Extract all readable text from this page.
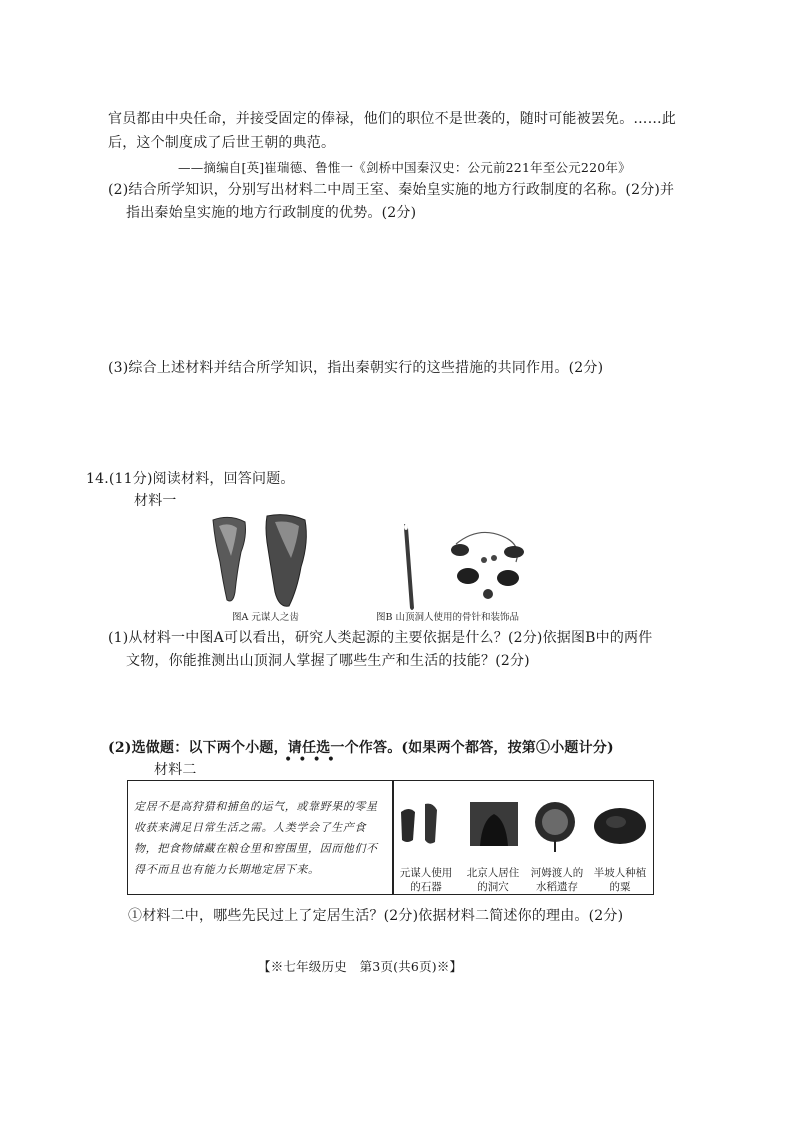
官员都由中央任命，并接受固定的俸禄，他们的职位不是世袭的，随时可能被罢免。……此
后，这个制度成了后世王朝的典范。
——摘编自[英]崔瑞德、鲁惟一《剑桥中国秦汉史：公元前221年至公元220年》
(2)结合所学知识，分别写出材料二中周王室、秦始皇实施的地方行政制度的名称。(2分)并
指出秦始皇实施的地方行政制度的优势。(2分)
(3)综合上述材料并结合所学知识，指出秦朝实行的这些措施的共同作用。(2分)
14.(11分)阅读材料，回答问题。
材料一
图A 元谋人之齿	图B 山顶洞人使用的骨针和装饰品
(1)从材料一中图A可以看出，研究人类起源的主要依据是什么？(2分)依据图B中的两件
文物，你能推测出山顶洞人掌握了哪些生产和生活的技能？(2分)
(2)选做题：以下两个小题，请任选一个作答。(如果两个都答，按第①小题计分)
••••
材料二
定居不是高狩猎和捕鱼的运气，或靠野果的零星收获来满足日常生活之需。人类学会了生产食物，把食物储藏在粮仓里和窖围里，因而他们不得不而且也有能力长期地定居下来。	元谋人使用的石器
北京人居住的洞穴
河姆渡人的水稻遗存
半坡人种植的粟
①材料二中，哪些先民过上了定居生活？(2分)依据材料二简述你的理由。(2分)
【※七年级历史　第3页(共6页)※】
